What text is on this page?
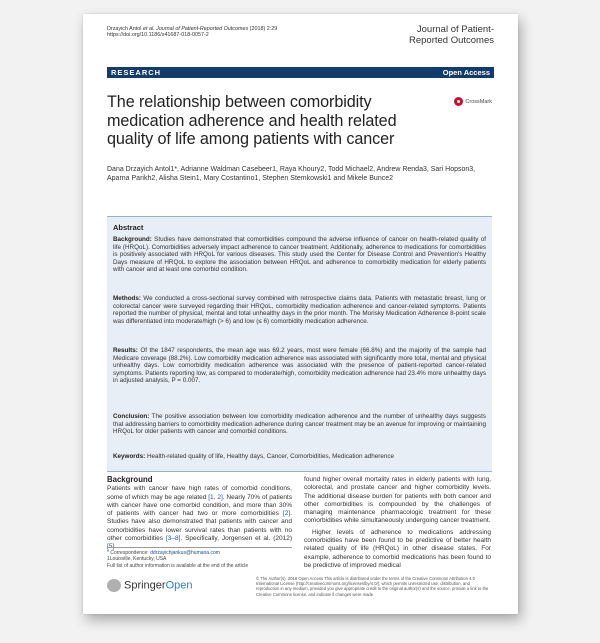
Drzayich Antol et al. Journal of Patient-Reported Outcomes (2018) 2:29
https://doi.org/10.1186/s41687-018-0057-2	Journal of Patient-
Reported Outcomes
RESEARCH	Open Access
The relationship between comorbidity medication adherence and health related quality of life among patients with cancer
CrossMark
Dana Drzayich Antol1*, Adrianne Waldman Casebeer1, Raya Khoury2, Todd Michael2, Andrew Renda3, Sari Hopson3, Aparna Parikh2, Alisha Stein1, Mary Costantino1, Stephen Stemkowski1 and Mikele Bunce2
Abstract
Background: Studies have demonstrated that comorbidities compound the adverse influence of cancer on health-related quality of life (HRQoL). Comorbidities adversely impact adherence to cancer treatment. Additionally, adherence to medications for comorbidities is positively associated with HRQoL for various diseases. This study used the Center for Disease Control and Prevention's Healthy Days measure of HRQoL to explore the association between HRQoL and adherence to comorbidity medication for elderly patients with cancer and at least one comorbid condition.
Methods: We conducted a cross-sectional survey combined with retrospective claims data. Patients with metastatic breast, lung or colorectal cancer were surveyed regarding their HRQoL, comorbidity medication adherence and cancer-related symptoms. Patients reported the number of physical, mental and total unhealthy days in the prior month. The Morisky Medication Adherence 8-point scale was differentiated into moderate/high (> 6) and low (≤ 6) comorbidity medication adherence.
Results: Of the 1847 respondents, the mean age was 69.2 years, most were female (66.8%) and the majority of the sample had Medicare coverage (88.2%). Low comorbidity medication adherence was associated with significantly more total, mental and physical unhealthy days. Low comorbidity medication adherence was associated with the presence of patient-reported cancer-related symptoms. Patients reporting low, as compared to moderate/high, comorbidity medication adherence had 23.4% more unhealthy days in adjusted analysis, P = 0.007.
Conclusion: The positive association between low comorbidity medication adherence and the number of unhealthy days suggests that addressing barriers to comorbidity medication adherence during cancer treatment may be an avenue for improving or maintaining HRQoL for older patients with cancer and comorbid conditions.
Keywords: Health-related quality of life, Healthy days, Cancer, Comorbidities, Medication adherence
Background

Patients with cancer have high rates of comorbid conditions, some of which may be age related [1, 2]. Nearly 70% of patients with cancer have one comorbid condition, and more than 30% of patients with cancer had two or more comorbidities [2]. Studies have also demonstrated that patients with cancer and comorbidities have lower survival rates than patients with no other comorbidities [3–8]. Specifically, Jorgensen et al. (2012) [5]

found higher overall mortality rates in elderly patients with lung, colorectal, and prostate cancer and higher comorbidity levels. The additional disease burden for patients with both cancer and other comorbidities is compounded by the challenges of managing maintenance pharmacologic treatment for these comorbidities while simultaneously undergoing cancer treatment.

Higher levels of adherence to medications addressing comorbidities have been found to be predictive of better health related quality of life (HRQoL) in other disease states. For example, adherence to comorbid medications has been found to be predictive of improved medical

* Correspondence: ddrzayichjankus@humana.com
1Louisville, Kentucky, USA
Full list of author information is available at the end of the article
SpringerOpen
© The Author(s). 2018 Open Access This article is distributed under the terms of the Creative Commons Attribution 4.0 International License (http://creativecommons.org/licenses/by/4.0/), which permits unrestricted use, distribution, and reproduction in any medium, provided you give appropriate credit to the original author(s) and the source, provide a link to the Creative Commons license, and indicate if changes were made.
